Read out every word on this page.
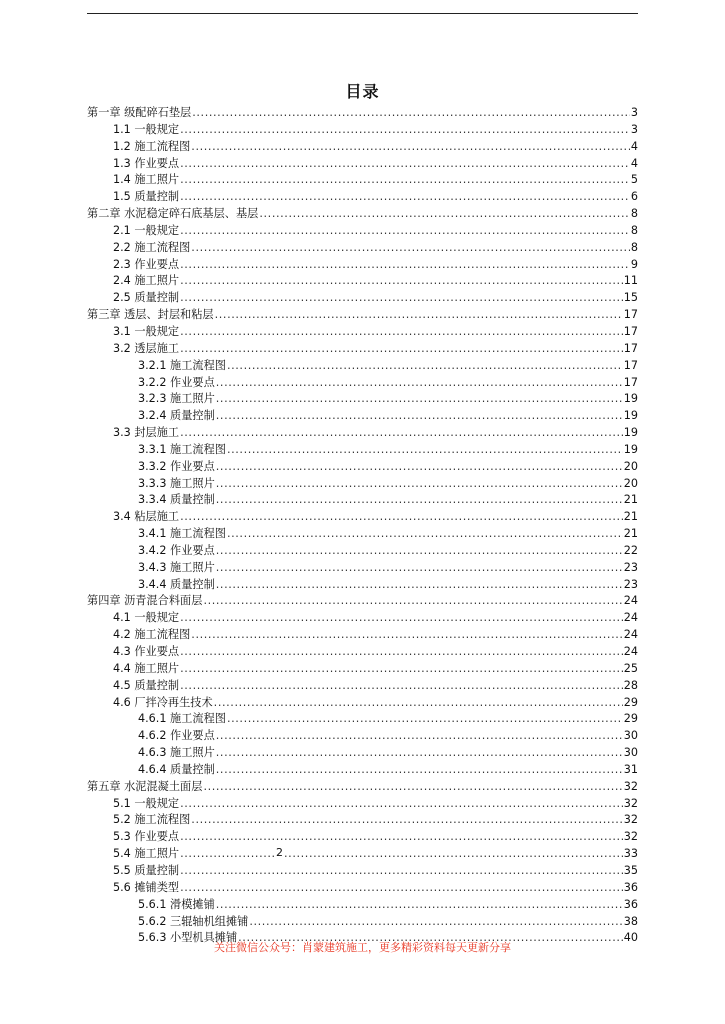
目录
第一章 级配碎石垫层 .....	3
1.1 一般规定 .....	3
1.2 施工流程图 .....	4
1.3 作业要点 .....	4
1.4 施工照片 .....	5
1.5 质量控制 .....	6
第二章 水泥稳定碎石底基层、基层 .....	8
2.1 一般规定 .....	8
2.2 施工流程图 .....	8
2.3 作业要点 .....	9
2.4 施工照片 .....	11
2.5 质量控制 .....	15
第三章 透层、封层和粘层 .....	17
3.1 一般规定 .....	17
3.2 透层施工 .....	17
3.2.1 施工流程图 .....	17
3.2.2 作业要点 .....	17
3.2.3 施工照片 .....	19
3.2.4 质量控制 .....	19
3.3 封层施工 .....	19
3.3.1 施工流程图 .....	19
3.3.2 作业要点 .....	20
3.3.3 施工照片 .....	20
3.3.4 质量控制 .....	21
3.4 粘层施工 .....	21
3.4.1 施工流程图 .....	21
3.4.2 作业要点 .....	22
3.4.3 施工照片 .....	23
3.4.4 质量控制 .....	23
第四章 沥青混合料面层 .....	24
4.1 一般规定 .....	24
4.2 施工流程图 .....	24
4.3 作业要点 .....	24
4.4 施工照片 .....	25
4.5 质量控制 .....	28
4.6 厂拌冷再生技术 .....	29
4.6.1 施工流程图 .....	29
4.6.2 作业要点 .....	30
4.6.3 施工照片 .....	30
4.6.4 质量控制 .....	31
第五章 水泥混凝土面层 .....	32
5.1 一般规定 .....	32
5.2 施工流程图 .....	32
5.3 作业要点 .....	32
5.4 施工照片 .....	33
5.5 质量控制 .....	35
5.6 摊铺类型 .....	36
5.6.1 滑模摊铺 .....	36
5.6.2 三辊轴机组摊铺 .....	38
5.6.3 小型机具摊铺 .....	40
2
关注微信公众号：肖蒙建筑施工，更多精彩资料每天更新分享
